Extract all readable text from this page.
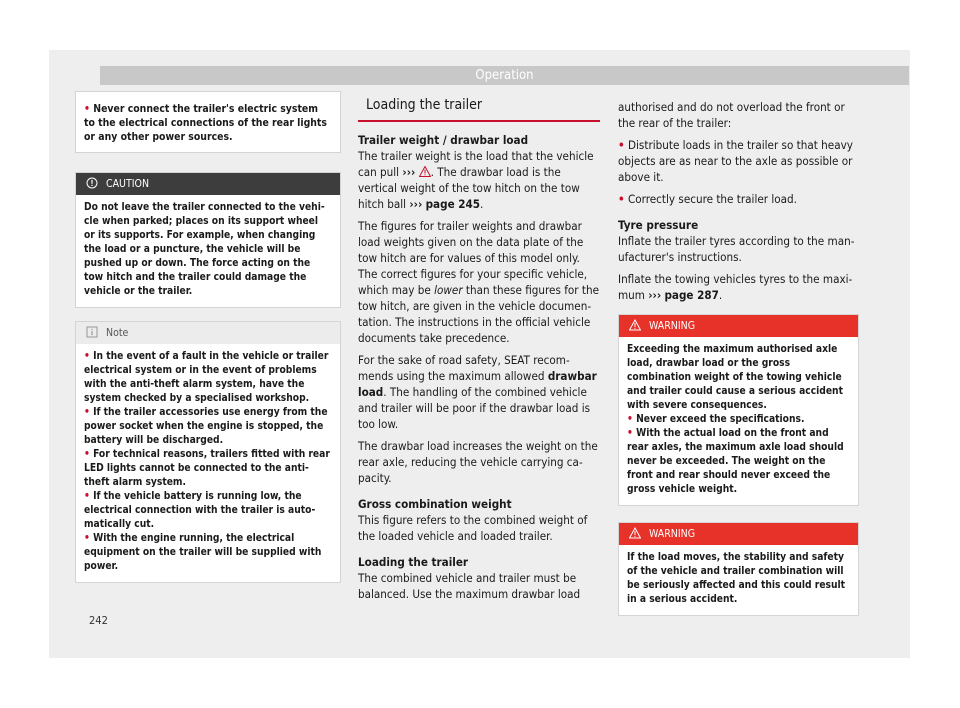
Operation
• Never connect the trailer's electric system to the electrical connections of the rear lights or any other power sources.
CAUTION
Do not leave the trailer connected to the vehicle when parked; places on its support wheel or its supports. For example, when changing the load or a puncture, the vehicle will be pushed up or down. The force acting on the tow hitch and the trailer could damage the vehicle or the trailer.
Note

• In the event of a fault in the vehicle or trailer electrical system or in the event of problems with the anti-theft alarm system, have the system checked by a specialised workshop.

• If the trailer accessories use energy from the power socket when the engine is stopped, the battery will be discharged.

• For technical reasons, trailers fitted with rear LED lights cannot be connected to the anti-theft alarm system.

• If the vehicle battery is running low, the electrical connection with the trailer is automatically cut.

• With the engine running, the electrical equipment on the trailer will be supplied with power.

Loading the trailer

Trailer weight / drawbar load

The trailer weight is the load that the vehicle can pull ››› . The drawbar load is the vertical weight of the tow hitch on the tow hitch ball ››› page 245.

The figures for trailer weights and drawbar load weights given on the data plate of the tow hitch are for values of this model only. The correct figures for your specific vehicle, which may be lower than these figures for the tow hitch, are given in the vehicle documentation. The instructions in the official vehicle documents take precedence.

For the sake of road safety, SEAT recommends using the maximum allowed drawbar load. The handling of the combined vehicle and trailer will be poor if the drawbar load is too low.

The drawbar load increases the weight on the rear axle, reducing the vehicle carrying capacity.

Gross combination weight

This figure refers to the combined weight of the loaded vehicle and loaded trailer.

Loading the trailer

The combined vehicle and trailer must be balanced. Use the maximum drawbar load

authorised and do not overload the front or the rear of the trailer:

• Distribute loads in the trailer so that heavy objects are as near to the axle as possible or above it.

• Correctly secure the trailer load.

Tyre pressure

Inflate the trailer tyres according to the manufacturer's instructions.

Inflate the towing vehicles tyres to the maximum ››› page 287.

WARNING

Exceeding the maximum authorised axle load, drawbar load or the gross combination weight of the towing vehicle and trailer could cause a serious accident with severe consequences.

• Never exceed the specifications.

• With the actual load on the front and rear axles, the maximum axle load should never be exceeded. The weight on the front and rear should never exceed the gross vehicle weight.

WARNING
If the load moves, the stability and safety of the vehicle and trailer combination will be seriously affected and this could result in a serious accident.
242
